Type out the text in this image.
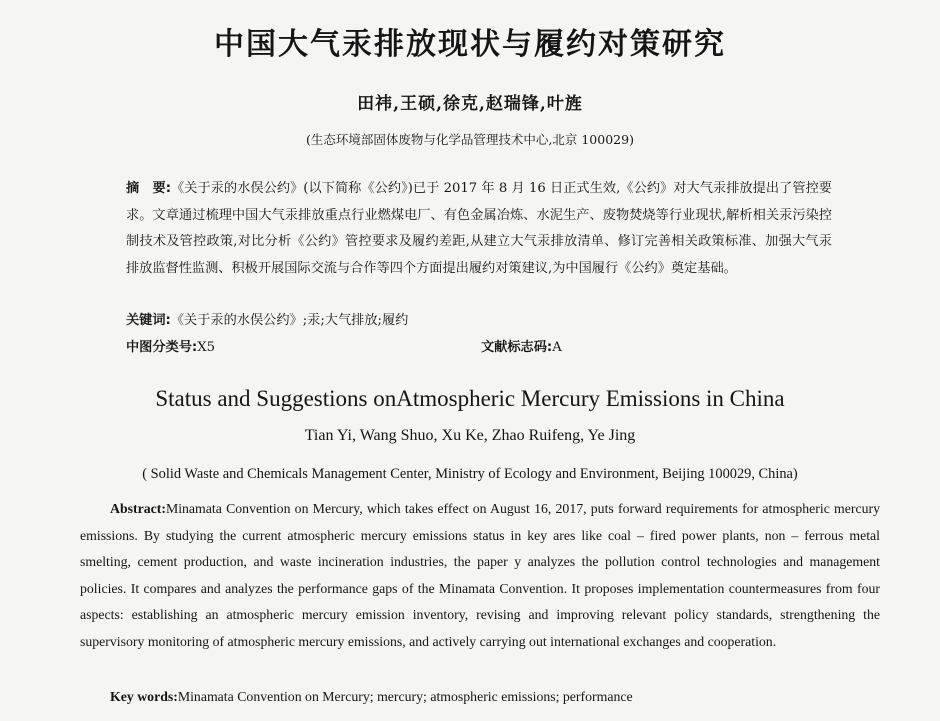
中国大气汞排放现状与履约对策研究
田祎,王硕,徐克,赵瑞锋,叶旌
(生态环境部固体废物与化学品管理技术中心,北京 100029)
摘　要:《关于汞的水俣公约》(以下简称《公约》)已于 2017 年 8 月 16 日正式生效,《公约》对大气汞排放提出了管控要求。文章通过梳理中国大气汞排放重点行业燃煤电厂、有色金属冶炼、水泥生产、废物焚烧等行业现状,解析相关汞污染控制技术及管控政策,对比分析《公约》管控要求及履约差距,从建立大气汞排放清单、修订完善相关政策标准、加强大气汞排放监督性监测、积极开展国际交流与合作等四个方面提出履约对策建议,为中国履行《公约》奠定基础。
关键词:《关于汞的水俣公约》;汞;大气排放;履约
中图分类号:X5	文献标志码:A
Status and Suggestions onAtmospheric Mercury Emissions in China
Tian Yi, Wang Shuo, Xu Ke, Zhao Ruifeng, Ye Jing
( Solid Waste and Chemicals Management Center, Ministry of Ecology and Environment, Beijing 100029, China)
Abstract:Minamata Convention on Mercury, which takes effect on August 16, 2017, puts forward requirements for atmospheric mercury emissions. By studying the current atmospheric mercury emissions status in key ares like coal – fired power plants, non – ferrous metal smelting, cement production, and waste incineration industries, the paper y analyzes the pollution control technologies and management policies. It compares and analyzes the performance gaps of the Minamata Convention. It proposes implementation countermeasures from four aspects: establishing an atmospheric mercury emission inventory, revising and improving relevant policy standards, strengthening the supervisory monitoring of atmospheric mercury emissions, and actively carrying out international exchanges and cooperation.
Key words:Minamata Convention on Mercury; mercury; atmospheric emissions; performance
